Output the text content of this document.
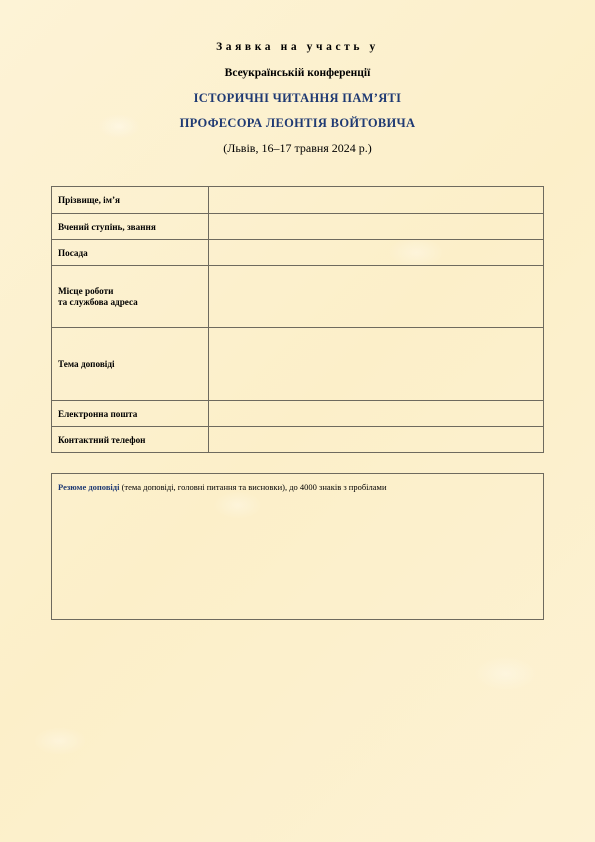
Заявка на участь у
Всеукраїнській конференції
ІСТОРИЧНІ ЧИТАННЯ ПАМ’ЯТІ
ПРОФЕСОРА ЛЕОНТІЯ ВОЙТОВИЧА
(Львів, 16–17 травня 2024 р.)
Прізвище, ім’я	
Вчений ступінь, звання	
Посада	

Місце роботи
та службова адреса	

Тема доповіді	
Електронна пошта	
Контактний телефон	
Резюме доповіді (тема доповіді, головні питання та висновки), до 4000 знаків з пробілами
